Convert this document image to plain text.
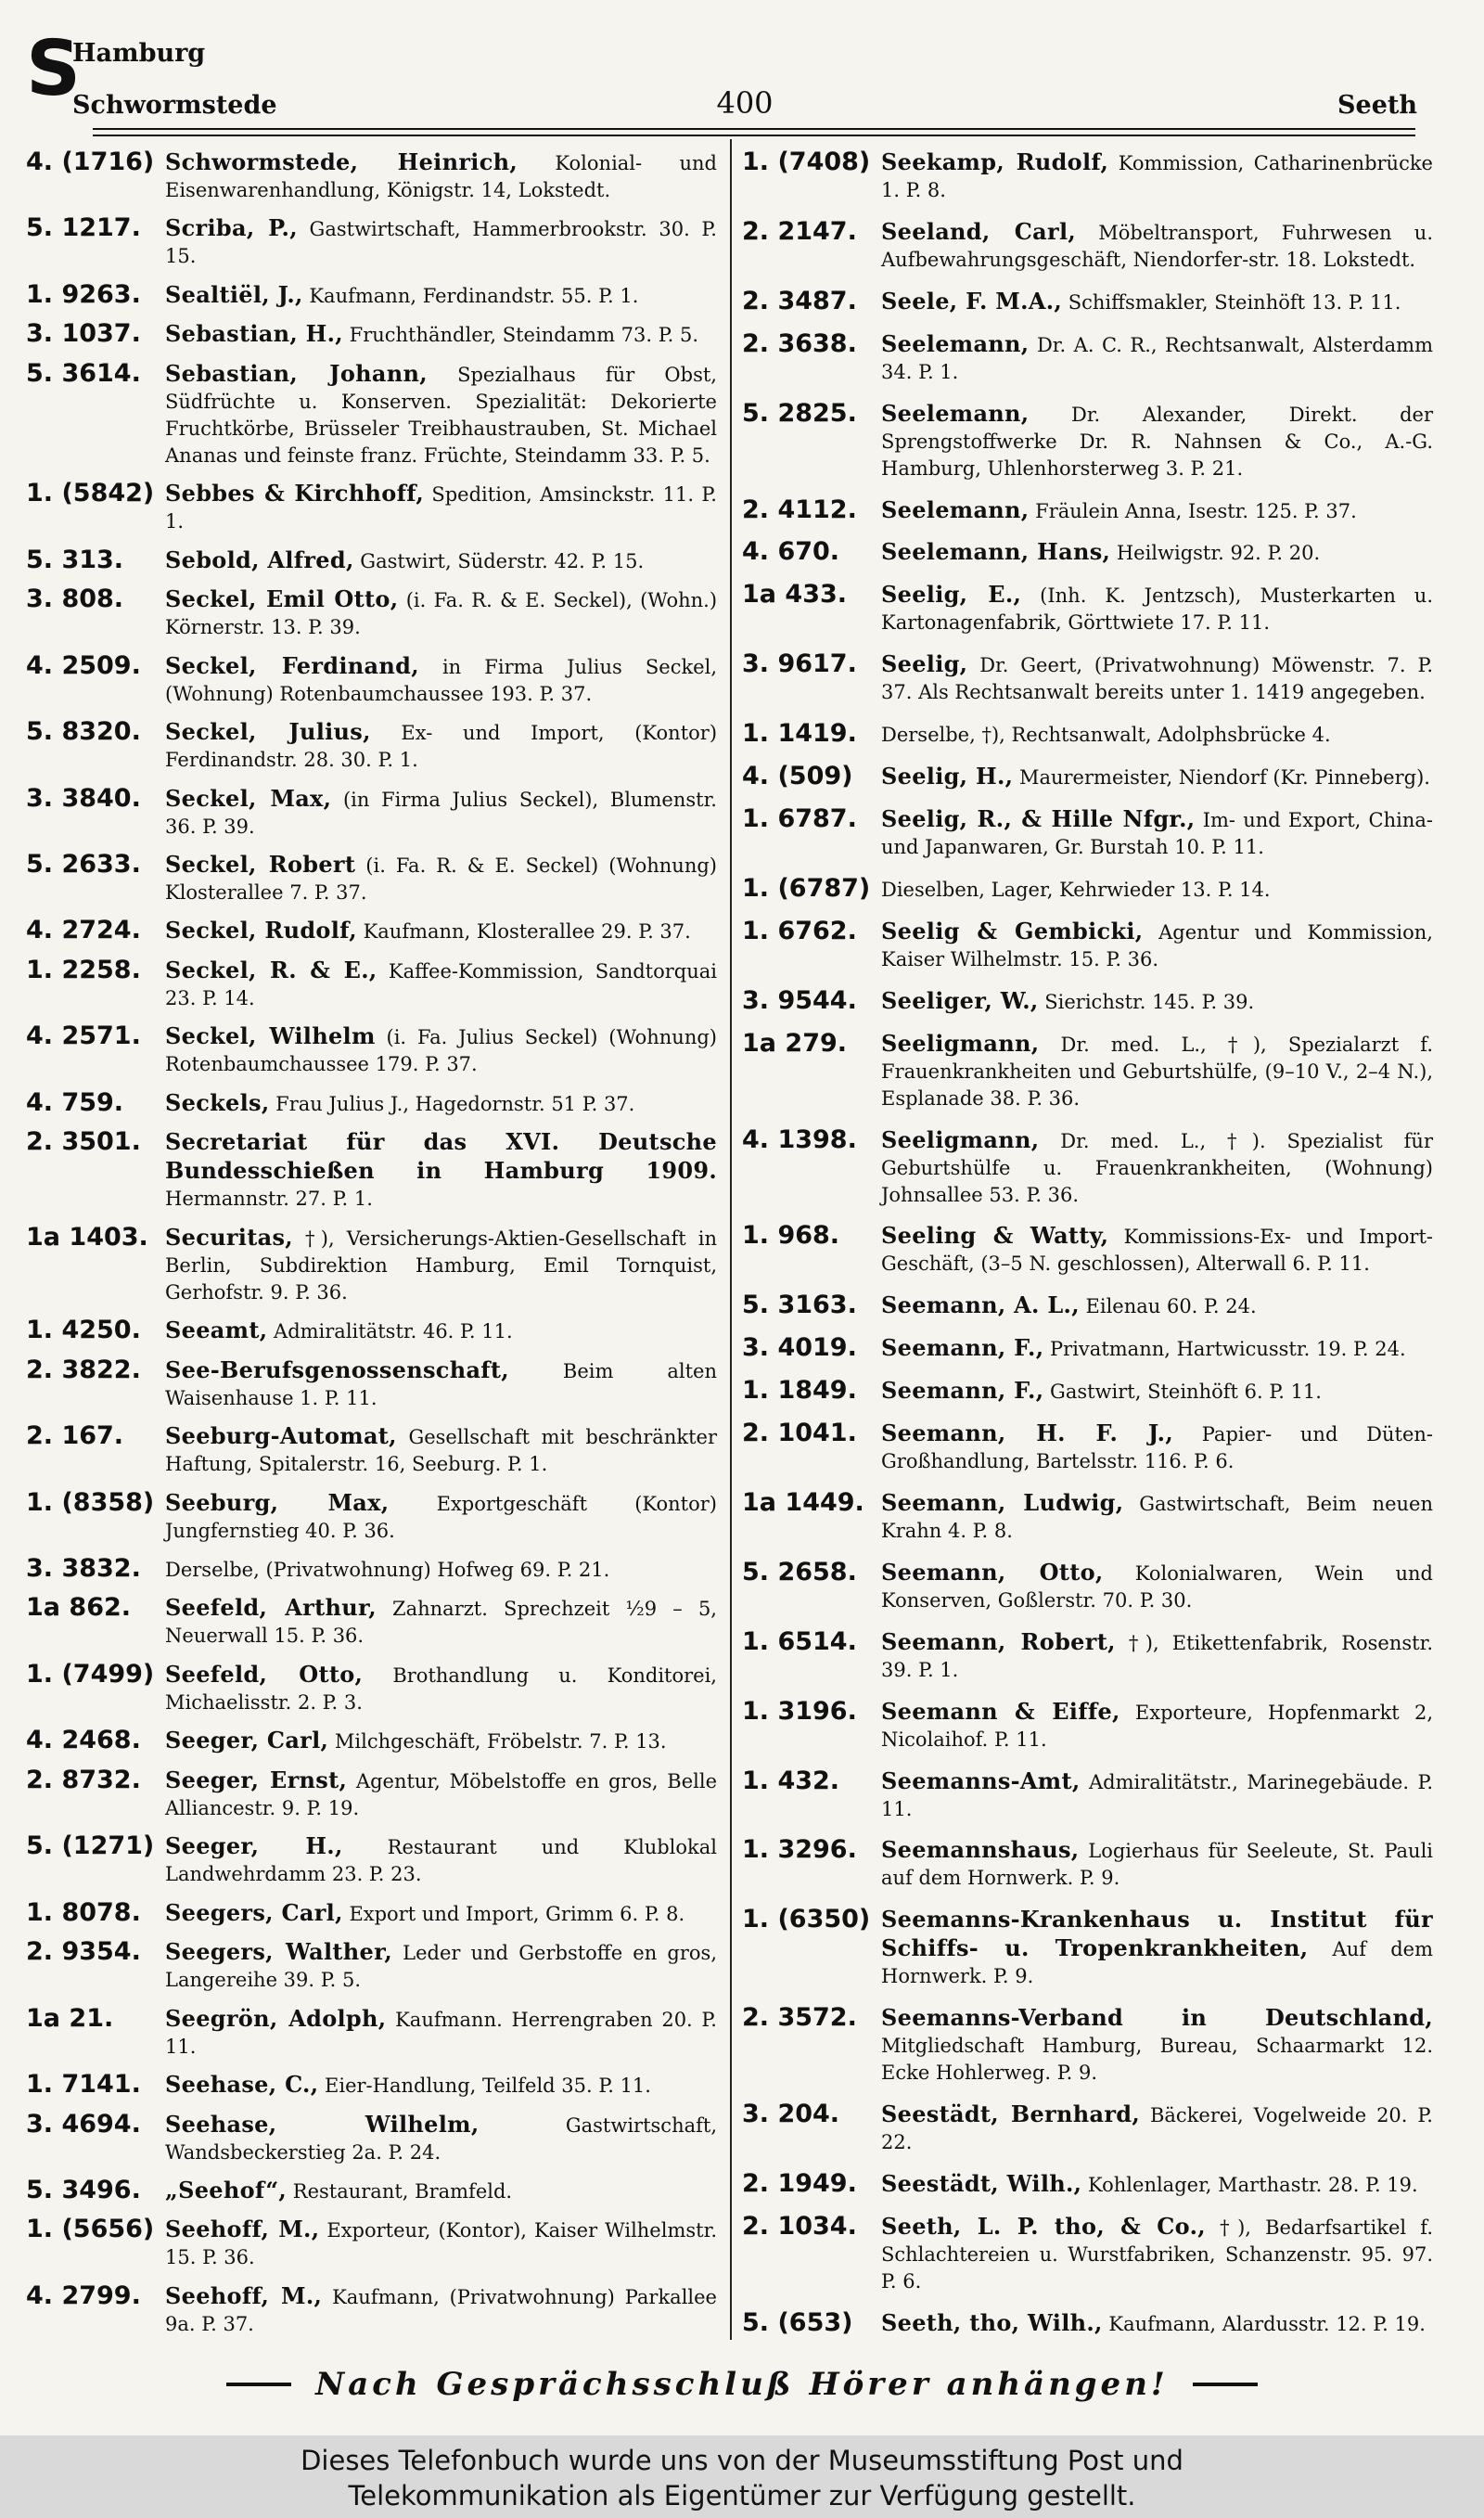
S
Hamburg
Schwormstede	400	Seeth
4. (1716) Schwormstede, Heinrich, Kolonial- und Eisenwarenhandlung, Königstr. 14, Lokstedt.
5. 1217.	Scriba, P., Gastwirtschaft, Hammerbrookstr. 30. P. 15.
1. 9263.	Sealtiël, J., Kaufmann, Ferdinandstr. 55. P. 1.
3. 1037.	Sebastian, H., Fruchthändler, Steindamm 73. P. 5.
5. 3614.	Sebastian, Johann, Spezialhaus für Obst, Südfrüchte u. Konserven. Spezialität: Dekorierte Fruchtkörbe, Brüsseler Treibhaustrauben, St. Michael Ananas und feinste franz. Früchte, Steindamm 33. P. 5.
1. (5842) Sebbes & Kirchhoff, Spedition, Amsinckstr. 11. P. 1.
5. 313.	Sebold, Alfred, Gastwirt, Süderstr. 42. P. 15.
3. 808.	Seckel, Emil Otto, (i. Fa. R. & E. Seckel), (Wohn.) Körnerstr. 13. P. 39.
4. 2509.	Seckel, Ferdinand, in Firma Julius Seckel, (Wohnung) Rotenbaumchaussee 193. P. 37.
5. 8320.	Seckel, Julius, Ex- und Import, (Kontor) Ferdinandstr. 28. 30. P. 1.
3. 3840.	Seckel, Max, (in Firma Julius Seckel), Blumenstr. 36. P. 39.
5. 2633.	Seckel, Robert (i. Fa. R. & E. Seckel) (Wohnung) Klosterallee 7. P. 37.
4. 2724.	Seckel, Rudolf, Kaufmann, Klosterallee 29. P. 37.
1. 2258.	Seckel, R. & E., Kaffee-Kommission, Sandtorquai 23. P. 14.
4. 2571.	Seckel, Wilhelm (i. Fa. Julius Seckel) (Wohnung) Rotenbaumchaussee 179. P. 37.
4. 759.	Seckels, Frau Julius J., Hagedornstr. 51 P. 37.
2. 3501.	Secretariat für das XVI. Deutsche Bundesschießen in Hamburg 1909. Hermannstr. 27. P. 1.
1a 1403. Securitas, †), Versicherungs-Aktien-Gesellschaft in Berlin, Subdirektion Hamburg, Emil Tornquist, Gerhofstr. 9. P. 36.
1. 4250.	Seeamt, Admiralitätstr. 46. P. 11.
2. 3822.	See-Berufsgenossenschaft, Beim alten Waisenhause 1. P. 11.
2. 167.	Seeburg-Automat, Gesellschaft mit beschränkter Haftung, Spitalerstr. 16, Seeburg. P. 1.
1. (8358) Seeburg, Max, Exportgeschäft (Kontor) Jungfernstieg 40. P. 36.
3. 3832.	Derselbe, (Privatwohnung) Hofweg 69. P. 21.
1a 862.	Seefeld, Arthur, Zahnarzt. Sprechzeit ½9 – 5, Neuerwall 15. P. 36.
1. (7499) Seefeld, Otto, Brothandlung u. Konditorei, Michaelisstr. 2. P. 3.
4. 2468.	Seeger, Carl, Milchgeschäft, Fröbelstr. 7. P. 13.
2. 8732.	Seeger, Ernst, Agentur, Möbelstoffe en gros, Belle Alliancestr. 9. P. 19.
5. (1271) Seeger, H., Restaurant und Klublokal Landwehrdamm 23. P. 23.
1. 8078.	Seegers, Carl, Export und Import, Grimm 6. P. 8.
2. 9354.	Seegers, Walther, Leder und Gerbstoffe en gros, Langereihe 39. P. 5.
1a 21.	Seegrön, Adolph, Kaufmann. Herrengraben 20. P. 11.
1. 7141.	Seehase, C., Eier-Handlung, Teilfeld 35. P. 11.
3. 4694.	Seehase, Wilhelm, Gastwirtschaft, Wandsbeckerstieg 2a. P. 24.
5. 3496.	„Seehof“, Restaurant, Bramfeld.
1. (5656) Seehoff, M., Exporteur, (Kontor), Kaiser Wilhelmstr. 15. P. 36.
4. 2799.	Seehoff, M., Kaufmann, (Privatwohnung) Parkallee 9a. P. 37.
1. (7408) Seekamp, Rudolf, Kommission, Catharinenbrücke 1. P. 8.
2. 2147.	Seeland, Carl, Möbeltransport, Fuhrwesen u. Aufbewahrungsgeschäft, Niendorfer-str. 18. Lokstedt.
2. 3487.	Seele, F. M.A., Schiffsmakler, Steinhöft 13. P. 11.
2. 3638.	Seelemann, Dr. A. C. R., Rechtsanwalt, Alsterdamm 34. P. 1.
5. 2825.	Seelemann, Dr. Alexander, Direkt. der Sprengstoffwerke Dr. R. Nahnsen & Co., A.-G. Hamburg, Uhlenhorsterweg 3. P. 21.
2. 4112.	Seelemann, Fräulein Anna, Isestr. 125. P. 37.
4. 670.	Seelemann, Hans, Heilwigstr. 92. P. 20.
1a 433.	Seelig, E., (Inh. K. Jentzsch), Musterkarten u. Kartonagenfabrik, Görttwiete 17. P. 11.
3. 9617.	Seelig, Dr. Geert, (Privatwohnung) Möwenstr. 7. P. 37. Als Rechtsanwalt bereits unter 1. 1419 angegeben.
1. 1419.	Derselbe, †), Rechtsanwalt, Adolphsbrücke 4.
4. (509)	Seelig, H., Maurermeister, Niendorf (Kr. Pinneberg).
1. 6787.	Seelig, R., & Hille Nfgr., Im- und Export, China- und Japanwaren, Gr. Burstah 10. P. 11.
1. (6787) Dieselben, Lager, Kehrwieder 13. P. 14.
1. 6762.	Seelig & Gembicki, Agentur und Kommission, Kaiser Wilhelmstr. 15. P. 36.
3. 9544.	Seeliger, W., Sierichstr. 145. P. 39.
1a 279.	Seeligmann, Dr. med. L., †), Spezialarzt f. Frauenkrankheiten und Geburtshülfe, (9–10 V., 2–4 N.), Esplanade 38. P. 36.
4. 1398.	Seeligmann, Dr. med. L., †). Spezialist für Geburtshülfe u. Frauenkrankheiten, (Wohnung) Johnsallee 53. P. 36.
1. 968.	Seeling & Watty, Kommissions-Ex- und Import-Geschäft, (3–5 N. geschlossen), Alterwall 6. P. 11.
5. 3163.	Seemann, A. L., Eilenau 60. P. 24.
3. 4019.	Seemann, F., Privatmann, Hartwicusstr. 19. P. 24.
1. 1849.	Seemann, F., Gastwirt, Steinhöft 6. P. 11.
2. 1041.	Seemann, H. F. J., Papier- und Düten-Großhandlung, Bartelsstr. 116. P. 6.
1a 1449. Seemann, Ludwig, Gastwirtschaft, Beim neuen Krahn 4. P. 8.
5. 2658.	Seemann, Otto, Kolonialwaren, Wein und Konserven, Goßlerstr. 70. P. 30.
1. 6514.	Seemann, Robert, †), Etikettenfabrik, Rosenstr. 39. P. 1.
1. 3196.	Seemann & Eiffe, Exporteure, Hopfenmarkt 2, Nicolaihof. P. 11.
1. 432.	Seemanns-Amt, Admiralitätstr., Marinegebäude. P. 11.
1. 3296.	Seemannshaus, Logierhaus für Seeleute, St. Pauli auf dem Hornwerk. P. 9.
1. (6350) Seemanns-Krankenhaus u. Institut für Schiffs- u. Tropenkrankheiten, Auf dem Hornwerk. P. 9.
2. 3572.	Seemanns-Verband in Deutschland, Mitgliedschaft Hamburg, Bureau, Schaarmarkt 12. Ecke Hohlerweg. P. 9.
3. 204.	Seestädt, Bernhard, Bäckerei, Vogelweide 20. P. 22.
2. 1949.	Seestädt, Wilh., Kohlenlager, Marthastr. 28. P. 19.
2. 1034.	Seeth, L. P. tho, & Co., †), Bedarfsartikel f. Schlachtereien u. Wurstfabriken, Schanzenstr. 95. 97. P. 6.
5. (653)	Seeth, tho, Wilh., Kaufmann, Alardusstr. 12. P. 19.
Nach Gesprächsschluß Hörer anhängen!
Dieses Telefonbuch wurde uns von der Museumsstiftung Post und
Telekommunikation als Eigentümer zur Verfügung gestellt.
